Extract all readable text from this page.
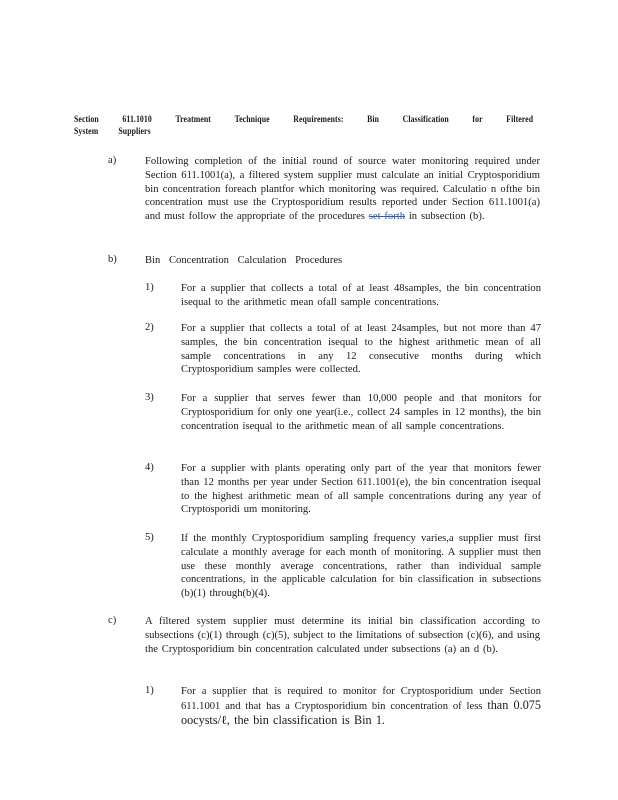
Section 611.1010 Treatment Technique Requirements: Bin Classification for Filtered
System Suppliers
a)	Following completion of the initial round of source water monitoring required under Section 611.1001(a), a filtered system supplier must calculate an initial Cryptosporidium bin concentration foreach plantfor which monitoring was required. Calculatio n ofthe bin concentration must use the Cryptosporidium results reported under Section 611.1001(a) and must follow the appropriate of the procedures set forth in subsection (b).
b)	Bin Concentration Calculation Procedures
1)	For a supplier that collects a total of at least 48samples, the bin concentration isequal to the arithmetic mean ofall sample concentrations.
2)	For a supplier that collects a total of at least 24samples, but not more than 47 samples, the bin concentration isequal to the highest arithmetic mean of all sample concentrations in any 12 consecutive months during which Cryptosporidium samples were collected.
3)	For a supplier that serves fewer than 10,000 people and that monitors for Cryptosporidium for only one year(i.e., collect 24 samples in 12 months), the bin concentration isequal to the arithmetic mean of all sample concentrations.
4)	For a supplier with plants operating only part of the year that monitors fewer than 12 months per year under Section 611.1001(e), the bin concentration isequal to the highest arithmetic mean of all sample concentrations during any year of Cryptosporidi um monitoring.
5)	If the monthly Cryptosporidium sampling frequency varies,a supplier must first calculate a monthly average for each month of monitoring. A supplier must then use these monthly average concentrations, rather than individual sample concentrations, in the applicable calculation for bin classification in subsections (b)(1) through(b)(4).
c)	A filtered system supplier must determine its initial bin classification according to subsections (c)(1) through (c)(5), subject to the limitations of subsection (c)(6), and using the Cryptosporidium bin concentration calculated under subsections (a) an d (b).
1)	For a supplier that is required to monitor for Cryptosporidium under Section 611.1001 and that has a Cryptosporidium bin concentration of less than 0.075 oocysts/ℓ, the bin classification is Bin 1.
